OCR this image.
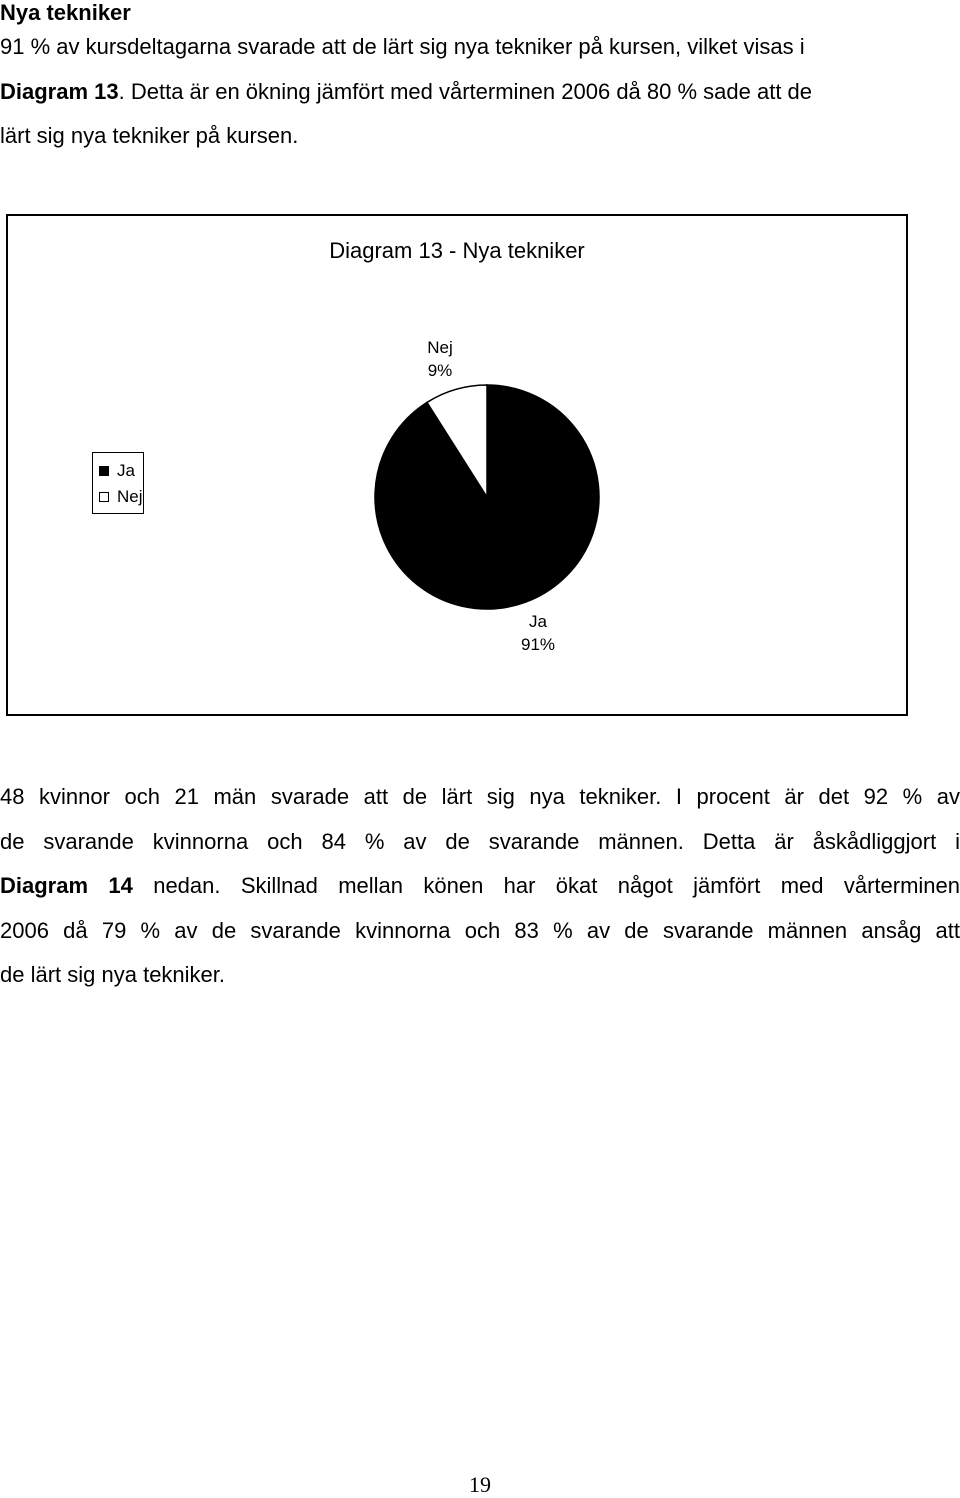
Nya tekniker

91 % av kursdeltagarna svarade att de lärt sig nya tekniker på kursen, vilket visas i
Diagram 13. Detta är en ökning jämfört med vårterminen 2006 då 80 % sade att de
lärt sig nya tekniker på kursen.

Diagram 13 - Nya tekniker
Nej
9%
Ja
91%
Ja
Nej

48 kvinnor och 21 män svarade att de lärt sig nya tekniker. I procent är det 92 % av
de svarande kvinnorna och 84 % av de svarande männen. Detta är åskådliggjort i
Diagram 14 nedan. Skillnad mellan könen har ökat något jämfört med vårterminen
2006 då 79 % av de svarande kvinnorna och 83 % av de svarande männen ansåg att
de lärt sig nya tekniker.

19
